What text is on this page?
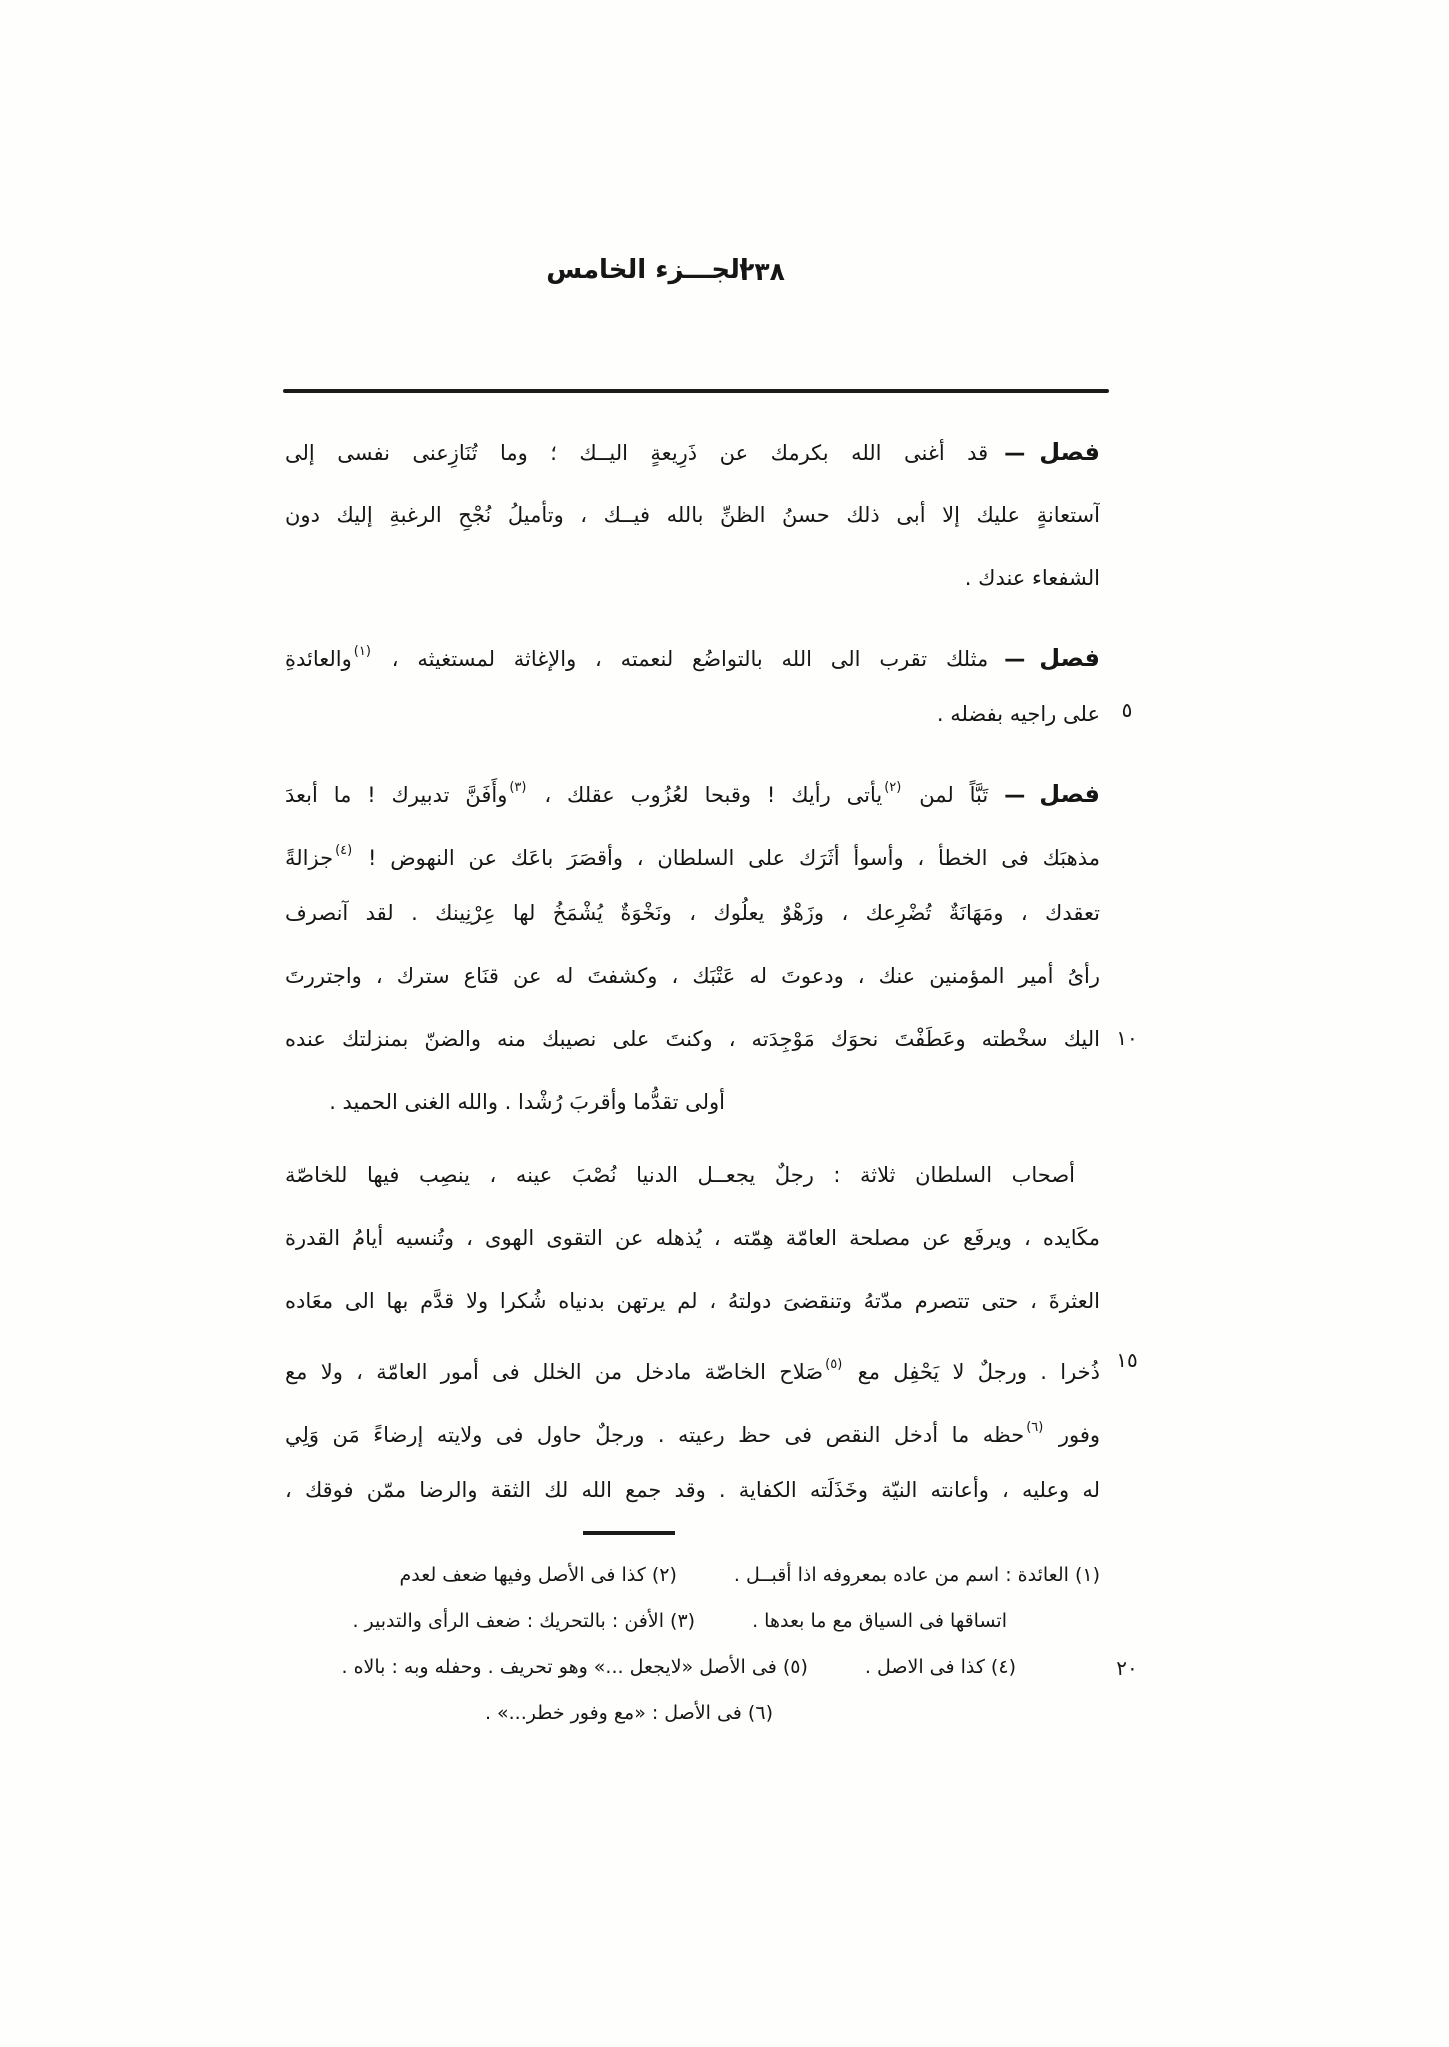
الجـــزء الخامس
٢٣٨
فصل—قد أغنى الله بكرمك عن ذَرِيعةٍ اليــك ؛ وما تُنَازِعنى نفسى إلى
آستعانةٍ عليك إلا أبى ذلك حسنُ الظنِّ بالله فيــك ، وتأميلُ نُجْحِ الرغبةِ إليك دون
الشفعاء عندك .
فصل—مثلك تقرب الى الله بالتواضُع لنعمته ، والإغاثة لمستغيثه ، $^{(١)}$والعائدةِ
على راجيه بفضله .
فصل—تَبَّاً لمن $^{(٢)}$يأتى رأيك ! وقبحا لعُزُوب عقلك ، $^{(٣)}$وأَفَنَّ تدبيرك ! ما أبعدَ
مذهبَك فى الخطأ ، وأسوأ أثَرَك على السلطان ، وأقصَرَ باعَك عن النهوض ! $^{(٤)}$جزالةً
تعقدك ، ومَهَانَةٌ تُضْرِعك ، وزَهْوٌ يعلُوك ، ونَخْوَةٌ يُشْمَخُ لها عِرْنِينك . لقد آنصرف
رأىُ أمير المؤمنين عنك ، ودعوتَ له عَتْبَك ، وكشفتَ له عن قنَاع سترك ، واجتررتَ
اليك سخْطته وعَطَفْتَ نحوَك مَوْجِدَته ، وكنتَ على نصيبك منه والضنّ بمنزلتك عنده
أولى تقدُّما وأقربَ رُشْدا . والله الغنى الحميد .
أصحاب السلطان ثلاثة : رجلٌ يجعــل الدنيا نُصْبَ عينه ، ينصِب فيها للخاصّة
مكَايده ، ويرفَع عن مصلحة العامّة هِمّته ، يُذهله عن التقوى الهوى ، وتُنسيه أيامُ القدرة
العثرةَ ، حتى تتصرم مدّتهُ وتنقضىَ دولتهُ ، لم يرتهن بدنياه شُكرا ولا قدَّم بها الى معَاده
ذُخرا . ورجلٌ لا يَحْفِل مع $^{(٥)}$صَلاح الخاصّة مادخل من الخلل فى أمور العامّة ، ولا مع
وفور $^{(٦)}$حظه ما أدخل النقص فى حظ رعيته . ورجلٌ حاول فى ولايته إرضاءً مَن وَلِي
له وعليه ، وأعانته النيّة وخَذَلَته الكفاية . وقد جمع الله لك الثقة والرضا ممّن فوقك ،
٥
١٠
١٥
٢٠
(١) العائدة : اسم من عاده بمعروفه اذا أقبــل .   (٢) كذا فى الأصل وفيها ضعف لعدم
اتساقها فى السياق مع ما بعدها .   (٣) الأفن : بالتحريك : ضعف الرأى والتدبير .
(٤) كذا فى الاصل .   (٥) فى الأصل «لايجعل ...» وهو تحريف . وحفله وبه : بالاه .
(٦) فى الأصل : «مع وفور خطر...» .
